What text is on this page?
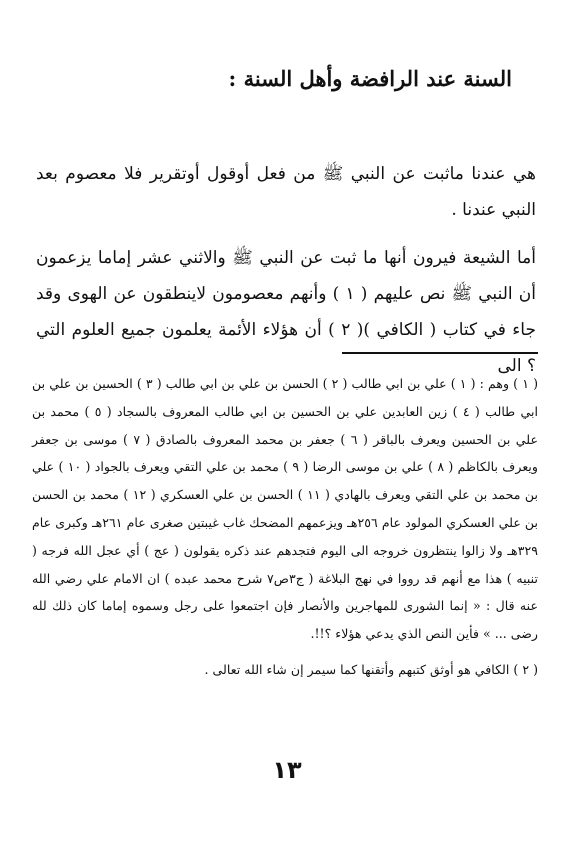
السنة عند الرافضة وأهل السنة :

هي عندنا ماثبت عن النبي ﷺ من فعل أوقول أوتقرير فلا معصوم بعد النبي عندنا .

أما الشيعة فيرون أنها ما ثبت عن النبي ﷺ والاثني عشر إماما يزعمون أن النبي ﷺ نص عليهم ( ١ ) وأنهم معصومون لاينطقون عن الهوى وقد جاء في كتاب ( الكافي )( ٢ ) أن هؤلاء الأئمة يعلمون جميع العلوم التي ؟ الى

( ١ ) وهم : ( ١ ) علي بن ابي طالب ( ٢ ) الحسن بن علي بن ابي طالب ( ٣ ) الحسين بن علي بن ابي طالب ( ٤ ) زين العابدين علي بن الحسين بن ابي طالب المعروف بالسجاد ( ٥ ) محمد بن علي بن الحسين ويعرف بالباقر ( ٦ ) جعفر بن محمد المعروف بالصادق ( ٧ ) موسى بن جعفر ويعرف بالكاظم ( ٨ ) علي بن موسى الرضا ( ٩ ) محمد بن علي التقي ويعرف بالجواد ( ١٠ ) علي بن محمد بن علي التقي ويعرف بالهادي ( ١١ ) الحسن بن علي العسكري ( ١٢ ) محمد بن الحسن بن علي العسكري المولود عام ٢٥٦هـ ويزعمهم المضحك غاب غيبتين صغرى عام ٢٦١هـ وكبرى عام ٣٢٩هـ ولا زالوا ينتظرون خروجه الى اليوم فتجدهم عند ذكره يقولون ( عج ) أي عجل الله فرجه ( تنبيه ) هذا مع أنهم قد رووا في نهج البلاغة ( ج٣ص٧ شرح محمد عبده ) ان الامام علي رضي الله عنه قال : « إنما الشورى للمهاجرين والأنصار فإن اجتمعوا على رجل وسموه إماما كان ذلك لله رضى ... » فأين النص الذي يدعي هؤلاء ؟!!.

( ٢ ) الكافي هو أوثق كتبهم وأتقنها كما سيمر إن شاء الله تعالى .

١٣
